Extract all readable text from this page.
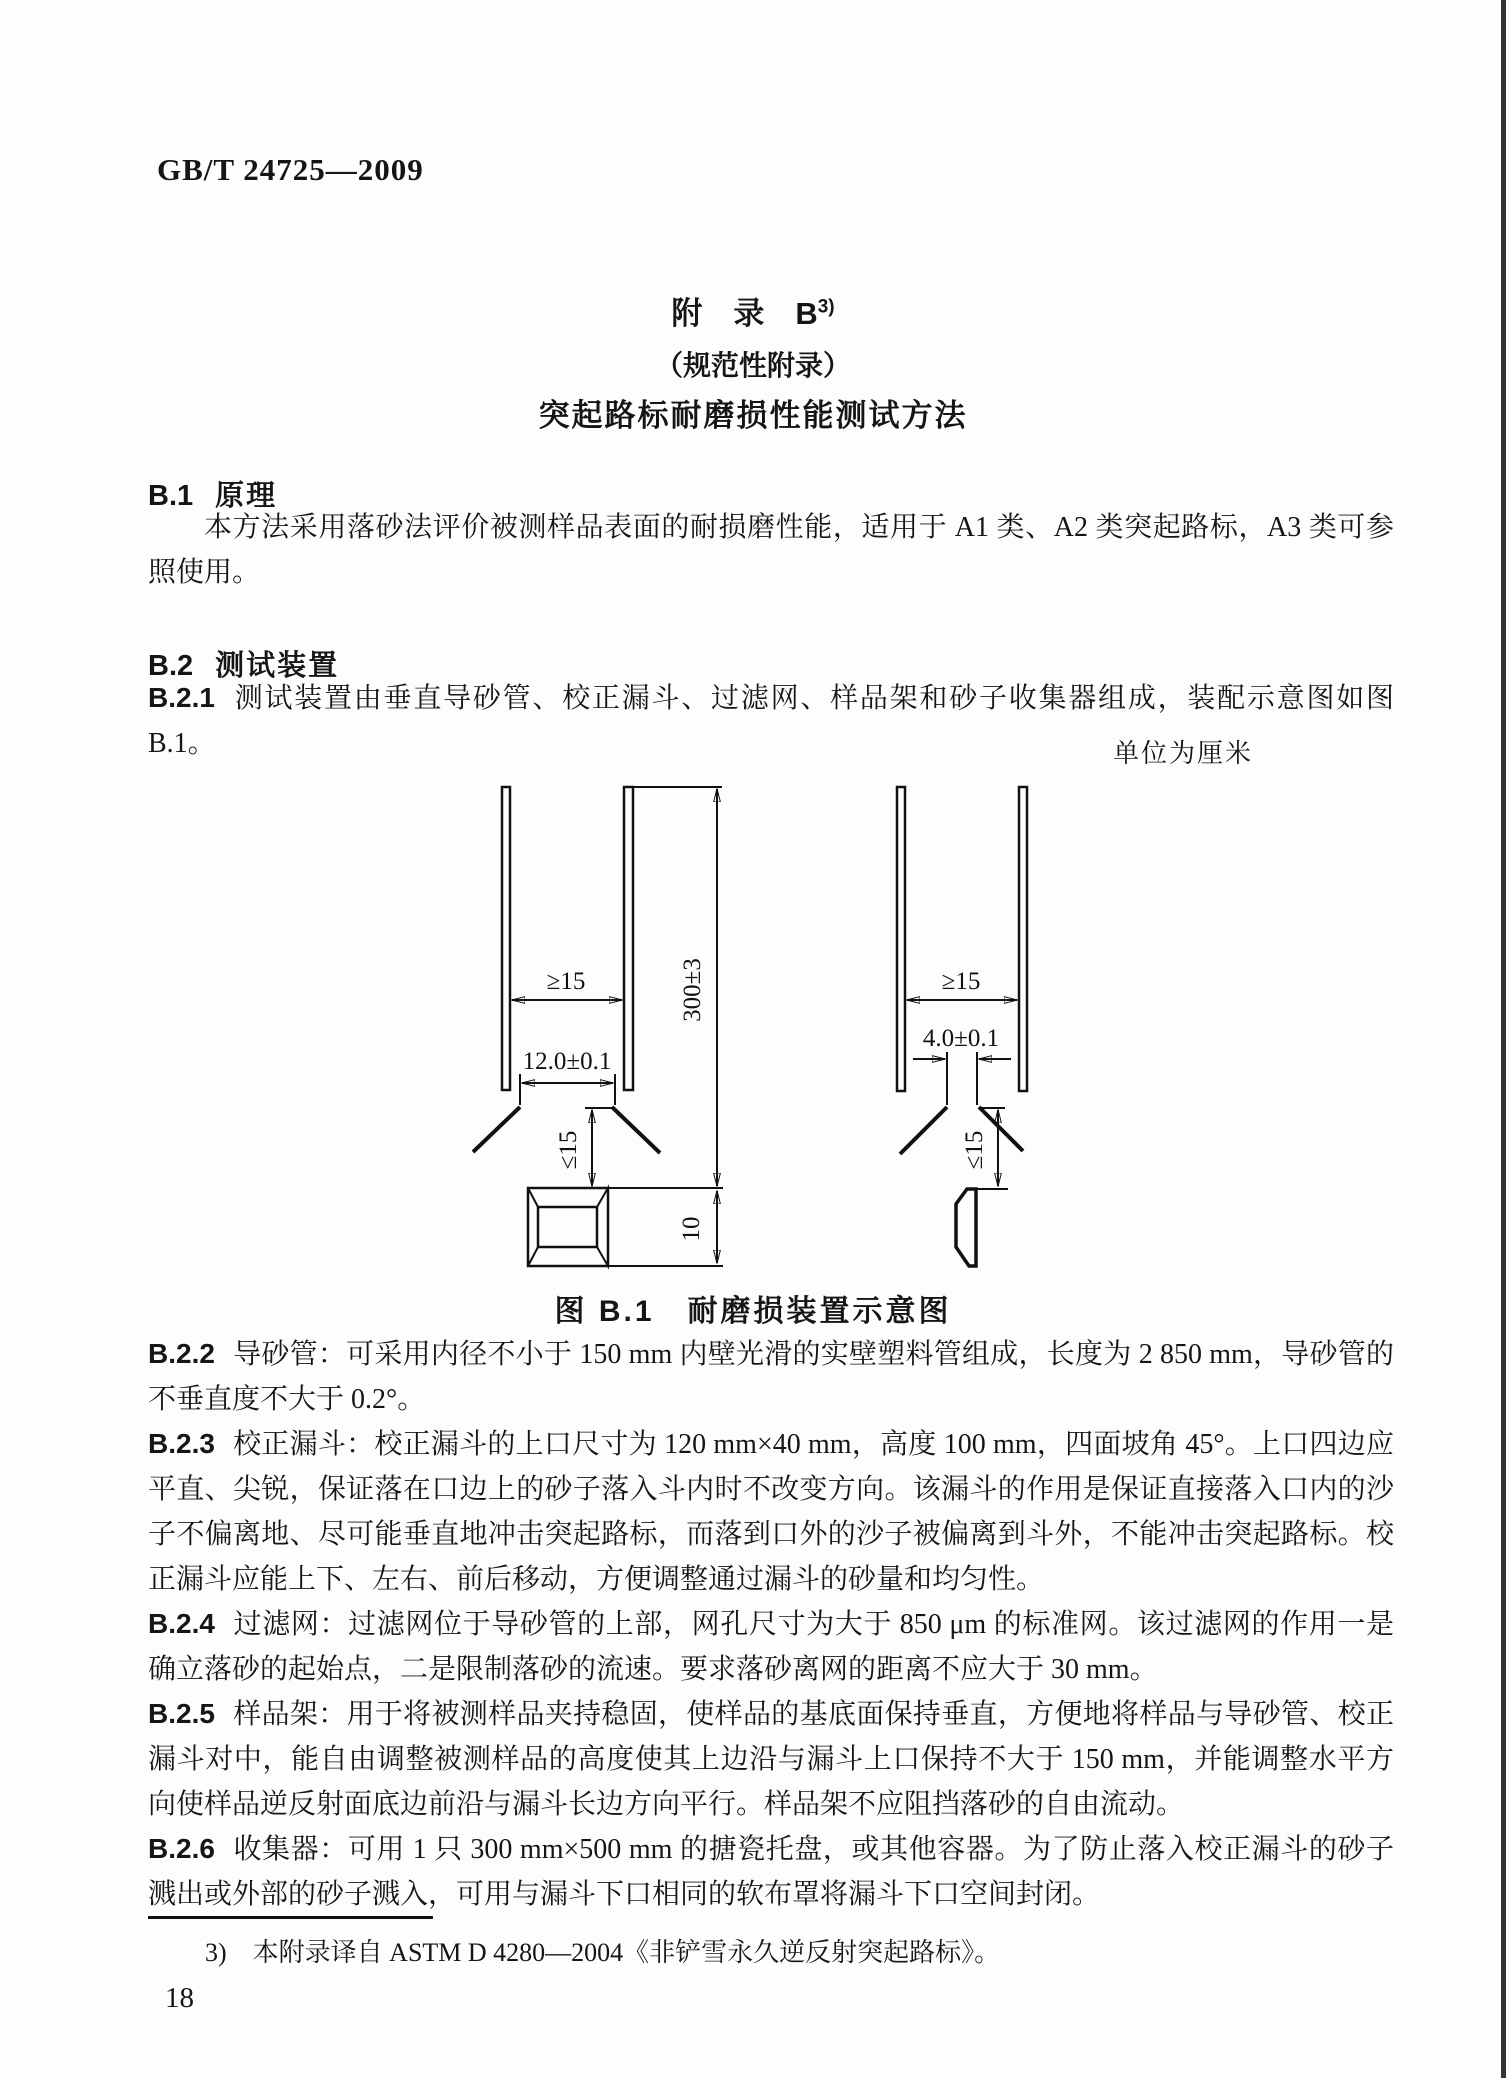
GB/T 24725—2009
附　录　$B^{3)}$
（规范性附录）
突起路标耐磨损性能测试方法
B.1 原理

本方法采用落砂法评价被测样品表面的耐损磨性能，适用于 A1 类、A2 类突起路标，A3 类可参照使用。

B.2 测试装置

B.2.1 测试装置由垂直导砂管、校正漏斗、过滤网、样品架和砂子收集器组成，装配示意图如图 B.1。	单位为厘米
≥15	300±3
12.0±0.1
≤15
10
≥15
4.0±0.1
≤15
图 B.1　耐磨损装置示意图

B.2.2 导砂管：可采用内径不小于 150 mm 内壁光滑的实壁塑料管组成，长度为 2 850 mm，导砂管的不垂直度不大于 0.2°。

B.2.3 校正漏斗：校正漏斗的上口尺寸为 120 mm×40 mm，高度 100 mm，四面坡角 45°。上口四边应平直、尖锐，保证落在口边上的砂子落入斗内时不改变方向。该漏斗的作用是保证直接落入口内的沙子不偏离地、尽可能垂直地冲击突起路标，而落到口外的沙子被偏离到斗外，不能冲击突起路标。校正漏斗应能上下、左右、前后移动，方便调整通过漏斗的砂量和均匀性。

B.2.4 过滤网：过滤网位于导砂管的上部，网孔尺寸为大于 850 μm 的标准网。该过滤网的作用一是确立落砂的起始点，二是限制落砂的流速。要求落砂离网的距离不应大于 30 mm。

B.2.5 样品架：用于将被测样品夹持稳固，使样品的基底面保持垂直，方便地将样品与导砂管、校正漏斗对中，能自由调整被测样品的高度使其上边沿与漏斗上口保持不大于 150 mm，并能调整水平方向使样品逆反射面底边前沿与漏斗长边方向平行。样品架不应阻挡落砂的自由流动。

B.2.6 收集器：可用 1 只 300 mm×500 mm 的搪瓷托盘，或其他容器。为了防止落入校正漏斗的砂子溅出或外部的砂子溅入，可用与漏斗下口相同的软布罩将漏斗下口空间封闭。

3) 本附录译自 ASTM D 4280—2004《非铲雪永久逆反射突起路标》。
18
